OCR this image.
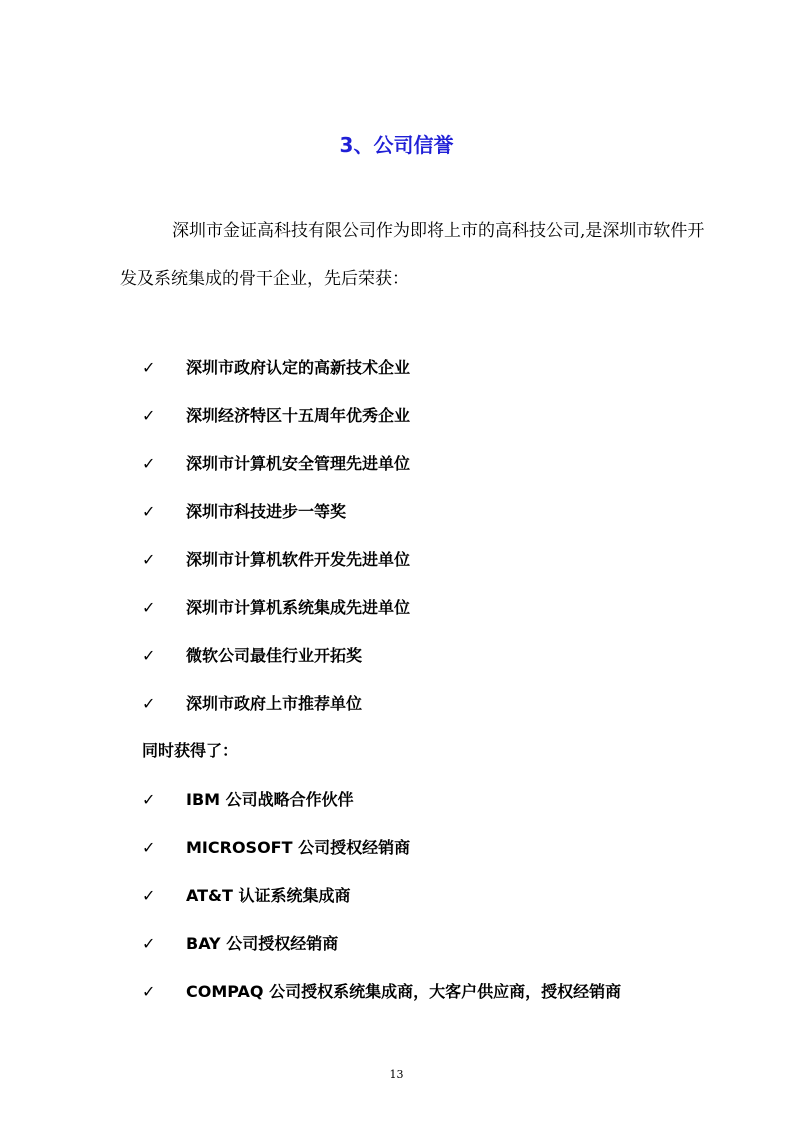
3、公司信誉

深圳市金证高科技有限公司作为即将上市的高科技公司,是深圳市软件开发及系统集成的骨干企业，先后荣获：

✓	深圳市政府认定的高新技术企业
✓	深圳经济特区十五周年优秀企业
✓	深圳市计算机安全管理先进单位
✓	深圳市科技进步一等奖
✓	深圳市计算机软件开发先进单位
✓	深圳市计算机系统集成先进单位
✓	微软公司最佳行业开拓奖
✓	深圳市政府上市推荐单位
同时获得了：
✓	IBM 公司战略合作伙伴
✓	MICROSOFT 公司授权经销商
✓	AT&T 认证系统集成商
✓	BAY 公司授权经销商
✓	COMPAQ 公司授权系统集成商，大客户供应商，授权经销商
13
